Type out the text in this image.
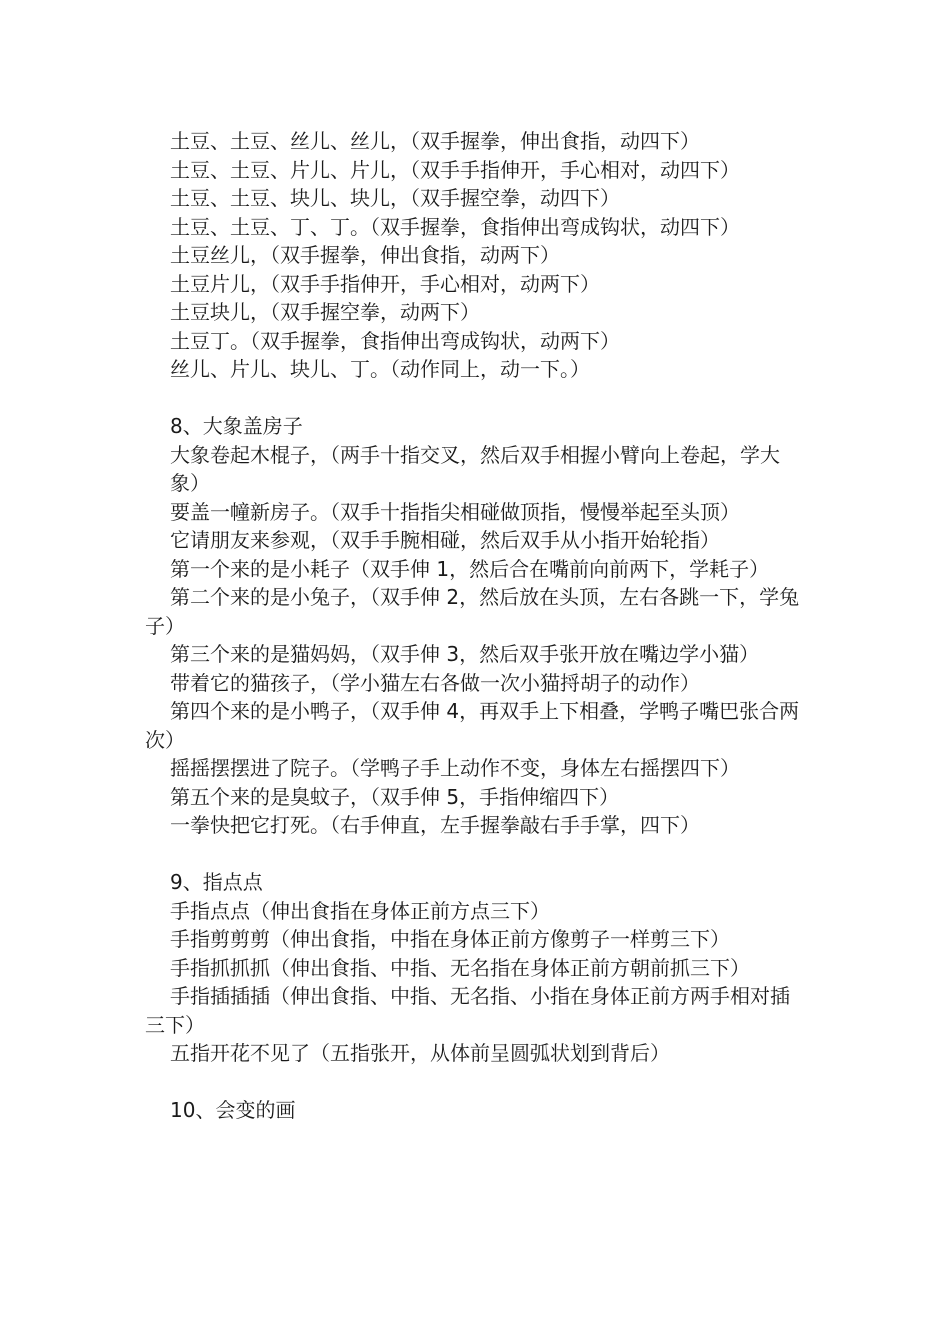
土豆、土豆、丝儿、丝儿，（双手握拳，伸出食指，动四下）
土豆、土豆、片儿、片儿，（双手手指伸开，手心相对，动四下）
土豆、土豆、块儿、块儿，（双手握空拳，动四下）
土豆、土豆、丁、丁。（双手握拳，食指伸出弯成钩状，动四下）
土豆丝儿，（双手握拳，伸出食指，动两下）
土豆片儿，（双手手指伸开，手心相对，动两下）
土豆块儿，（双手握空拳，动两下）
土豆丁。（双手握拳，食指伸出弯成钩状，动两下）
丝儿、片儿、块儿、丁。（动作同上，动一下。）
8、大象盖房子
大象卷起木棍子，（两手十指交叉，然后双手相握小臂向上卷起，学大象）
要盖一幢新房子。（双手十指指尖相碰做顶指，慢慢举起至头顶）
它请朋友来参观，（双手手腕相碰，然后双手从小指开始轮指）
第一个来的是小耗子（双手伸 1，然后合在嘴前向前两下，学耗子）
第二个来的是小兔子，（双手伸 2，然后放在头顶，左右各跳一下，学兔子）
第三个来的是猫妈妈，（双手伸 3，然后双手张开放在嘴边学小猫）
带着它的猫孩子，（学小猫左右各做一次小猫捋胡子的动作）
第四个来的是小鸭子，（双手伸 4，再双手上下相叠，学鸭子嘴巴张合两次）
摇摇摆摆进了院子。（学鸭子手上动作不变，身体左右摇摆四下）
第五个来的是臭蚊子，（双手伸 5，手指伸缩四下）
一拳快把它打死。（右手伸直，左手握拳敲右手手掌，四下）
9、指点点
手指点点（伸出食指在身体正前方点三下）
手指剪剪剪（伸出食指，中指在身体正前方像剪子一样剪三下）
手指抓抓抓（伸出食指、中指、无名指在身体正前方朝前抓三下）
手指插插插（伸出食指、中指、无名指、小指在身体正前方两手相对插三下）
五指开花不见了（五指张开，从体前呈圆弧状划到背后）
10、会变的画
